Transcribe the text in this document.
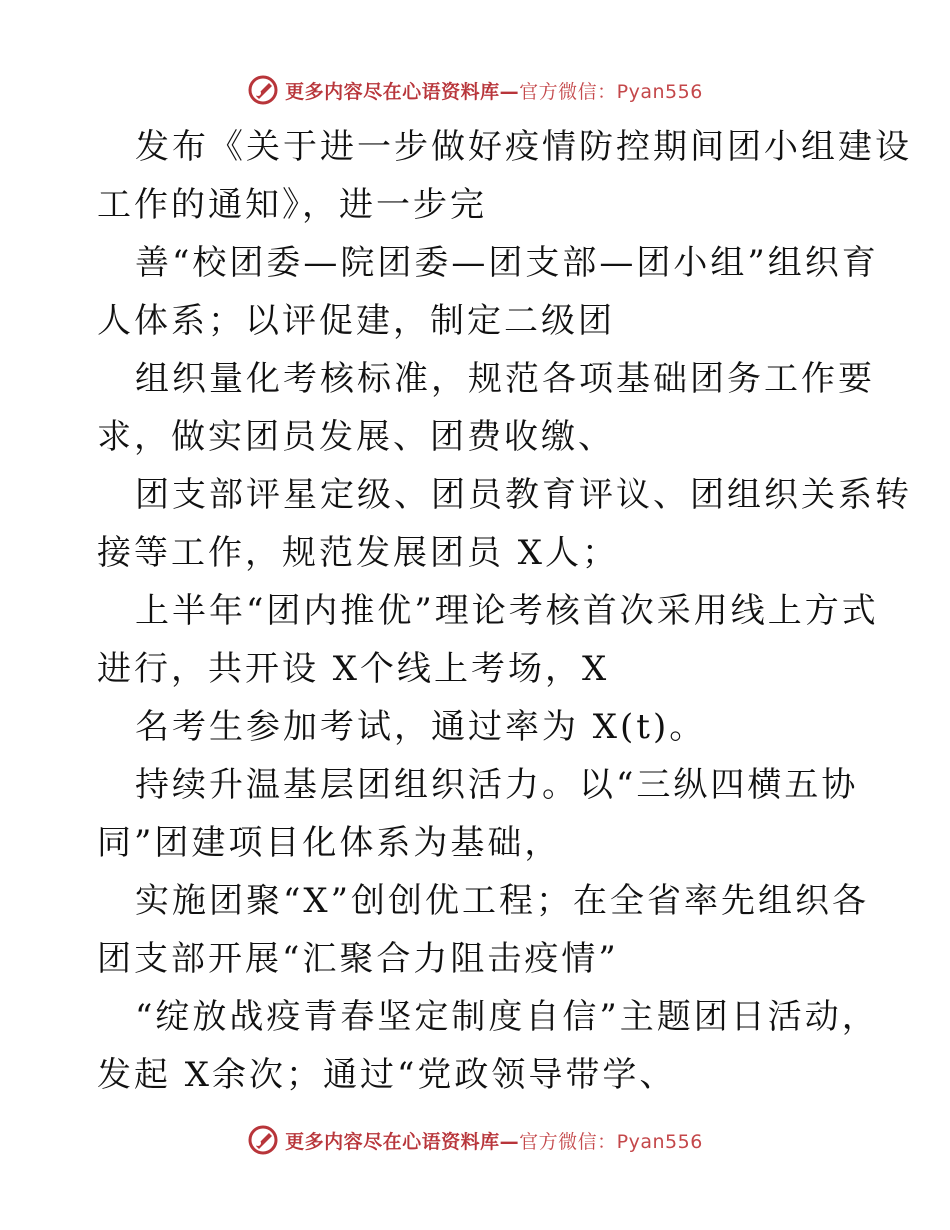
更多内容尽在心语资料库—官方微信：Pyan556
发布《关于进一步做好疫情防控期间团小组建设
工作的通知》，进一步完
善“校团委—院团委—团支部—团小组”组织育
人体系；以评促建，制定二级团
组织量化考核标准，规范各项基础团务工作要
求，做实团员发展、团费收缴、
团支部评星定级、团员教育评议、团组织关系转
接等工作，规范发展团员 X人；
上半年“团内推优”理论考核首次采用线上方式
进行，共开设 X个线上考场，X
名考生参加考试，通过率为 X(t)。
持续升温基层团组织活力。以“三纵四横五协
同”团建项目化体系为基础，
实施团聚“X”创创优工程；在全省率先组织各
团支部开展“汇聚合力阻击疫情”
“绽放战疫青春坚定制度自信”主题团日活动，
发起 X余次；通过“党政领导带学、
更多内容尽在心语资料库—官方微信：Pyan556
